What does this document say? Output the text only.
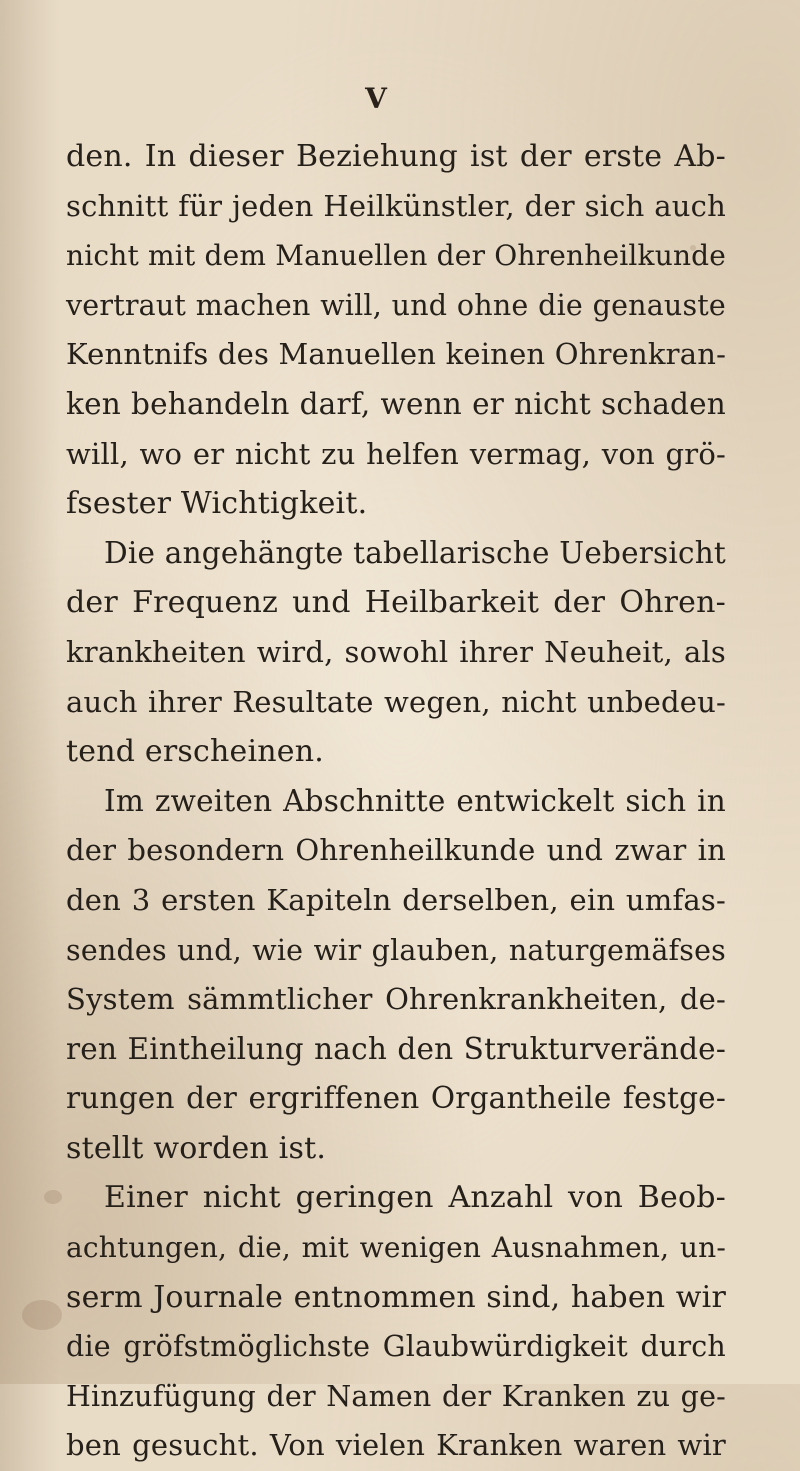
V
den. In dieser Beziehung ist der erste Ab-
schnitt für jeden Heilkünstler, der sich auch
nicht mit dem Manuellen der Ohrenheilkunde
vertraut machen will, und ohne die genauste
Kenntnifs des Manuellen keinen Ohrenkran-
ken behandeln darf, wenn er nicht schaden
will, wo er nicht zu helfen vermag, von grö-
fsester Wichtigkeit.
Die angehängte tabellarische Uebersicht
der Frequenz und Heilbarkeit der Ohren-
krankheiten wird, sowohl ihrer Neuheit, als
auch ihrer Resultate wegen, nicht unbedeu-
tend erscheinen.
Im zweiten Abschnitte entwickelt sich in
der besondern Ohrenheilkunde und zwar in
den 3 ersten Kapiteln derselben, ein umfas-
sendes und, wie wir glauben, naturgemäfses
System sämmtlicher Ohrenkrankheiten, de-
ren Eintheilung nach den Strukturverände-
rungen der ergriffenen Organtheile festge-
stellt worden ist.
Einer nicht geringen Anzahl von Beob-
achtungen, die, mit wenigen Ausnahmen, un-
serm Journale entnommen sind, haben wir
die gröfstmöglichste Glaubwürdigkeit durch
Hinzufügung der Namen der Kranken zu ge-
ben gesucht. Von vielen Kranken waren wir
